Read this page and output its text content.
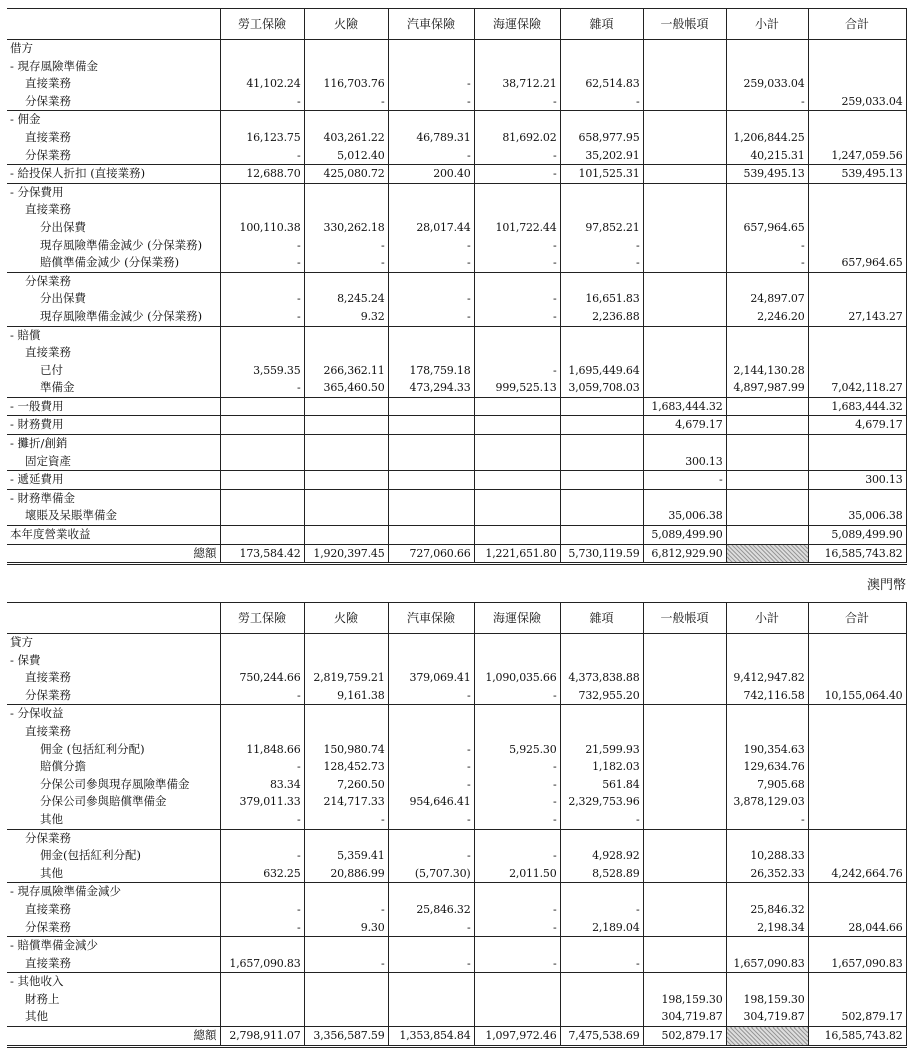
	勞工保險	火險	汽車保險	海運保險	雜項	一般帳項	小計	合計
借方								
- 現存風險準備金								
直接業務	41,102.24	116,703.76	-	38,712.21	62,514.83		259,033.04	
分保業務	-	-	-	-	-		-	259,033.04
- 佣金								
直接業務	16,123.75	403,261.22	46,789.31	81,692.02	658,977.95		1,206,844.25	
分保業務	-	5,012.40	-	-	35,202.91		40,215.31	1,247,059.56
- 給投保人折扣 (直接業務)	12,688.70	425,080.72	200.40	-	101,525.31		539,495.13	539,495.13
- 分保費用								
直接業務								
分出保費	100,110.38	330,262.18	28,017.44	101,722.44	97,852.21		657,964.65	
現存風險準備金減少 (分保業務)	-	-	-	-	-		-	
賠償準備金減少 (分保業務)	-	-	-	-	-		-	657,964.65
分保業務								
分出保費	-	8,245.24	-	-	16,651.83		24,897.07	
現存風險準備金減少 (分保業務)	-	9.32	-	-	2,236.88		2,246.20	27,143.27
- 賠償								
直接業務								
已付	3,559.35	266,362.11	178,759.18	-	1,695,449.64		2,144,130.28	
準備金	-	365,460.50	473,294.33	999,525.13	3,059,708.03		4,897,987.99	7,042,118.27
- 一般費用						1,683,444.32		1,683,444.32
- 財務費用						4,679.17		4,679.17
- 攤折/創銷								
固定資產						300.13		
- 遞延費用						-		300.13
- 財務準備金								
壞賬及呆賬準備金						35,006.38		35,006.38
本年度營業收益						5,089,499.90		5,089,499.90
總額	173,584.42	1,920,397.45	727,060.66	1,221,651.80	5,730,119.59	6,812,929.90		16,585,743.82
澳門幣
	勞工保險	火險	汽車保險	海運保險	雜項	一般帳項	小計	合計
貸方								
- 保費								
直接業務	750,244.66	2,819,759.21	379,069.41	1,090,035.66	4,373,838.88		9,412,947.82	
分保業務	-	9,161.38	-	-	732,955.20		742,116.58	10,155,064.40
- 分保收益								
直接業務								
佣金 (包括紅利分配)	11,848.66	150,980.74	-	5,925.30	21,599.93		190,354.63	
賠償分擔	-	128,452.73	-	-	1,182.03		129,634.76	
分保公司參與現存風險準備金	83.34	7,260.50	-	-	561.84		7,905.68	
分保公司參與賠償準備金	379,011.33	214,717.33	954,646.41	-	2,329,753.96		3,878,129.03	
其他	-	-	-	-	-		-	
分保業務								
佣金(包括紅利分配)	-	5,359.41	-	-	4,928.92		10,288.33	
其他	632.25	20,886.99	(5,707.30)	2,011.50	8,528.89		26,352.33	4,242,664.76
- 現存風險準備金減少								
直接業務	-	-	25,846.32	-	-		25,846.32	
分保業務	-	9.30	-	-	2,189.04		2,198.34	28,044.66
- 賠償準備金減少								
直接業務	1,657,090.83	-	-	-	-		1,657,090.83	1,657,090.83
- 其他收入								
財務上						198,159.30	198,159.30	
其他						304,719.87	304,719.87	502,879.17
總額	2,798,911.07	3,356,587.59	1,353,854.84	1,097,972.46	7,475,538.69	502,879.17		16,585,743.82
